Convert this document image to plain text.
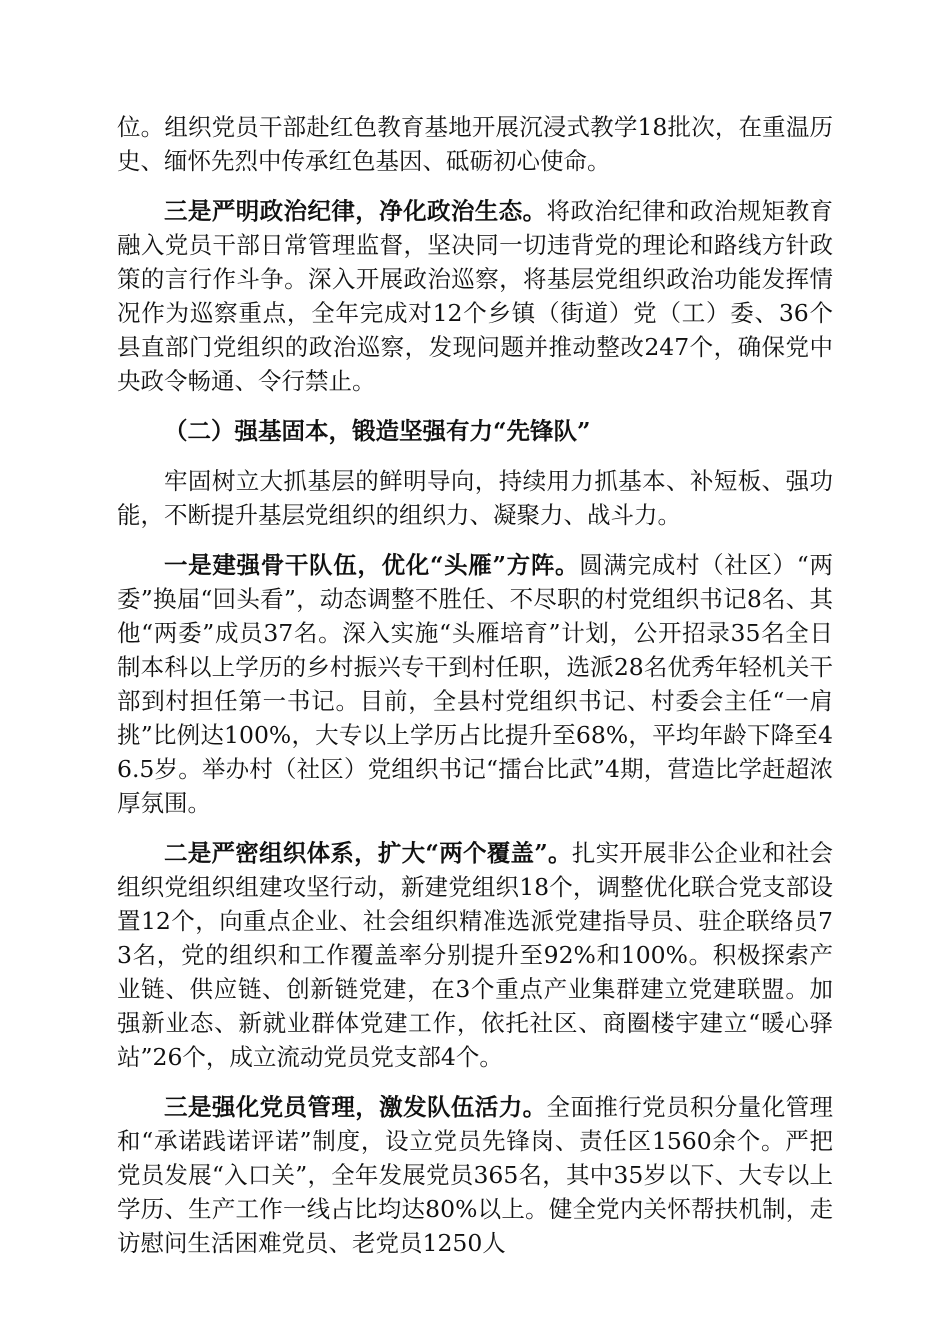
位。组织党员干部赴红色教育基地开展沉浸式教学18批次，在重温历史、缅怀先烈中传承红色基因、砥砺初心使命。

三是严明政治纪律，净化政治生态。将政治纪律和政治规矩教育融入党员干部日常管理监督，坚决同一切违背党的理论和路线方针政策的言行作斗争。深入开展政治巡察，将基层党组织政治功能发挥情况作为巡察重点，全年完成对12个乡镇（街道）党（工）委、36个县直部门党组织的政治巡察，发现问题并推动整改247个，确保党中央政令畅通、令行禁止。

（二）强基固本，锻造坚强有力“先锋队”

牢固树立大抓基层的鲜明导向，持续用力抓基本、补短板、强功能，不断提升基层党组织的组织力、凝聚力、战斗力。

一是建强骨干队伍，优化“头雁”方阵。圆满完成村（社区）“两委”换届“回头看”，动态调整不胜任、不尽职的村党组织书记8名、其他“两委”成员37名。深入实施“头雁培育”计划，公开招录35名全日制本科以上学历的乡村振兴专干到村任职，选派28名优秀年轻机关干部到村担任第一书记。目前，全县村党组织书记、村委会主任“一肩挑”比例达100%，大专以上学历占比提升至68%，平均年龄下降至46.5岁。举办村（社区）党组织书记“擂台比武”4期，营造比学赶超浓厚氛围。

二是严密组织体系，扩大“两个覆盖”。扎实开展非公企业和社会组织党组织组建攻坚行动，新建党组织18个，调整优化联合党支部设置12个，向重点企业、社会组织精准选派党建指导员、驻企联络员73名，党的组织和工作覆盖率分别提升至92%和100%。积极探索产业链、供应链、创新链党建，在3个重点产业集群建立党建联盟。加强新业态、新就业群体党建工作，依托社区、商圈楼宇建立“暖心驿站”26个，成立流动党员党支部4个。

三是强化党员管理，激发队伍活力。全面推行党员积分量化管理和“承诺践诺评诺”制度，设立党员先锋岗、责任区1560余个。严把党员发展“入口关”，全年发展党员365名，其中35岁以下、大专以上学历、生产工作一线占比均达80%以上。健全党内关怀帮扶机制，走访慰问生活困难党员、老党员1250人
